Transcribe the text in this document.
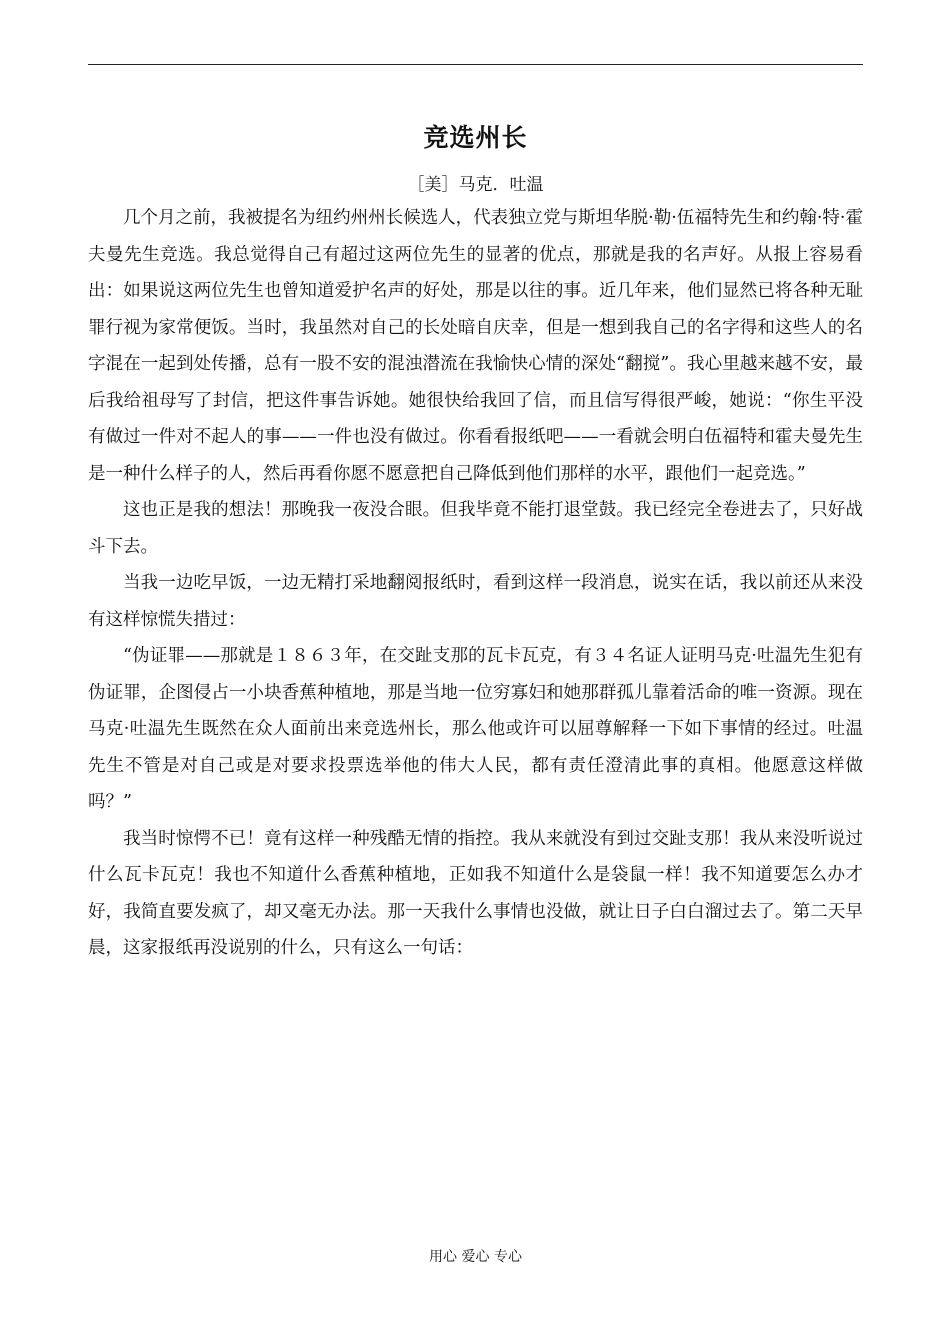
竞选州长
［美］马克．吐温

几个月之前，我被提名为纽约州州长候选人，代表独立党与斯坦华脱·勒·伍福特先生和约翰·特·霍夫曼先生竞选。我总觉得自己有超过这两位先生的显著的优点，那就是我的名声好。从报上容易看出：如果说这两位先生也曾知道爱护名声的好处，那是以往的事。近几年来，他们显然已将各种无耻罪行视为家常便饭。当时，我虽然对自己的长处暗自庆幸，但是一想到我自己的名字得和这些人的名字混在一起到处传播，总有一股不安的混浊潜流在我愉快心情的深处“翻搅”。我心里越来越不安，最后我给祖母写了封信，把这件事告诉她。她很快给我回了信，而且信写得很严峻，她说：“你生平没有做过一件对不起人的事——一件也没有做过。你看看报纸吧——一看就会明白伍福特和霍夫曼先生是一种什么样子的人，然后再看你愿不愿意把自己降低到他们那样的水平，跟他们一起竞选。”

这也正是我的想法！那晚我一夜没合眼。但我毕竟不能打退堂鼓。我已经完全卷进去了，只好战斗下去。

当我一边吃早饭，一边无精打采地翻阅报纸时，看到这样一段消息，说实在话，我以前还从来没有这样惊慌失措过：

“伪证罪——那就是１８６３年，在交趾支那的瓦卡瓦克，有３４名证人证明马克·吐温先生犯有伪证罪，企图侵占一小块香蕉种植地，那是当地一位穷寡妇和她那群孤儿靠着活命的唯一资源。现在马克·吐温先生既然在众人面前出来竞选州长，那么他或许可以屈尊解释一下如下事情的经过。吐温先生不管是对自己或是对要求投票选举他的伟大人民，都有责任澄清此事的真相。他愿意这样做吗？”

我当时惊愕不已！竟有这样一种残酷无情的指控。我从来就没有到过交趾支那！我从来没听说过什么瓦卡瓦克！我也不知道什么香蕉种植地，正如我不知道什么是袋鼠一样！我不知道要怎么办才好，我简直要发疯了，却又毫无办法。那一天我什么事情也没做，就让日子白白溜过去了。第二天早晨，这家报纸再没说别的什么，只有这么一句话：

用心 爱心 专心
